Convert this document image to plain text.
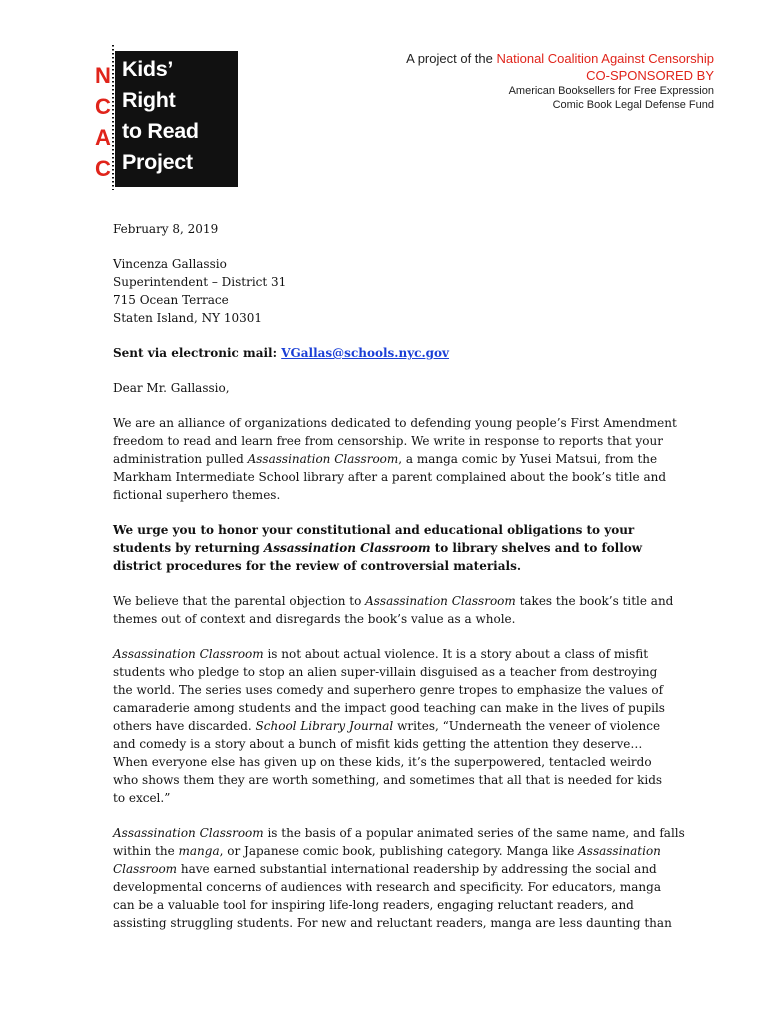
N
C
A
C
Kids’
Right
to Read
Project
A project of the National Coalition Against Censorship
CO-SPONSORED BY
American Booksellers for Free Expression
Comic Book Legal Defense Fund
February 8, 2019
Vincenza Gallassio
Superintendent – District 31
715 Ocean Terrace
Staten Island, NY 10301
Sent via electronic mail: VGallas@schools.nyc.gov
Dear Mr. Gallassio,
We are an alliance of organizations dedicated to defending young people’s First Amendment
freedom to read and learn free from censorship. We write in response to reports that your
administration pulled Assassination Classroom, a manga comic by Yusei Matsui, from the
Markham Intermediate School library after a parent complained about the book’s title and
fictional superhero themes.
We urge you to honor your constitutional and educational obligations to your
students by returning Assassination Classroom to library shelves and to follow
district procedures for the review of controversial materials.
We believe that the parental objection to Assassination Classroom takes the book’s title and
themes out of context and disregards the book’s value as a whole.
Assassination Classroom is not about actual violence. It is a story about a class of misfit
students who pledge to stop an alien super-villain disguised as a teacher from destroying
the world. The series uses comedy and superhero genre tropes to emphasize the values of
camaraderie among students and the impact good teaching can make in the lives of pupils
others have discarded. School Library Journal writes, “Underneath the veneer of violence
and comedy is a story about a bunch of misfit kids getting the attention they deserve…
When everyone else has given up on these kids, it’s the superpowered, tentacled weirdo
who shows them they are worth something, and sometimes that all that is needed for kids
to excel.”
Assassination Classroom is the basis of a popular animated series of the same name, and falls
within the manga, or Japanese comic book, publishing category. Manga like Assassination
Classroom have earned substantial international readership by addressing the social and
developmental concerns of audiences with research and specificity. For educators, manga
can be a valuable tool for inspiring life-long readers, engaging reluctant readers, and
assisting struggling students. For new and reluctant readers, manga are less daunting than
